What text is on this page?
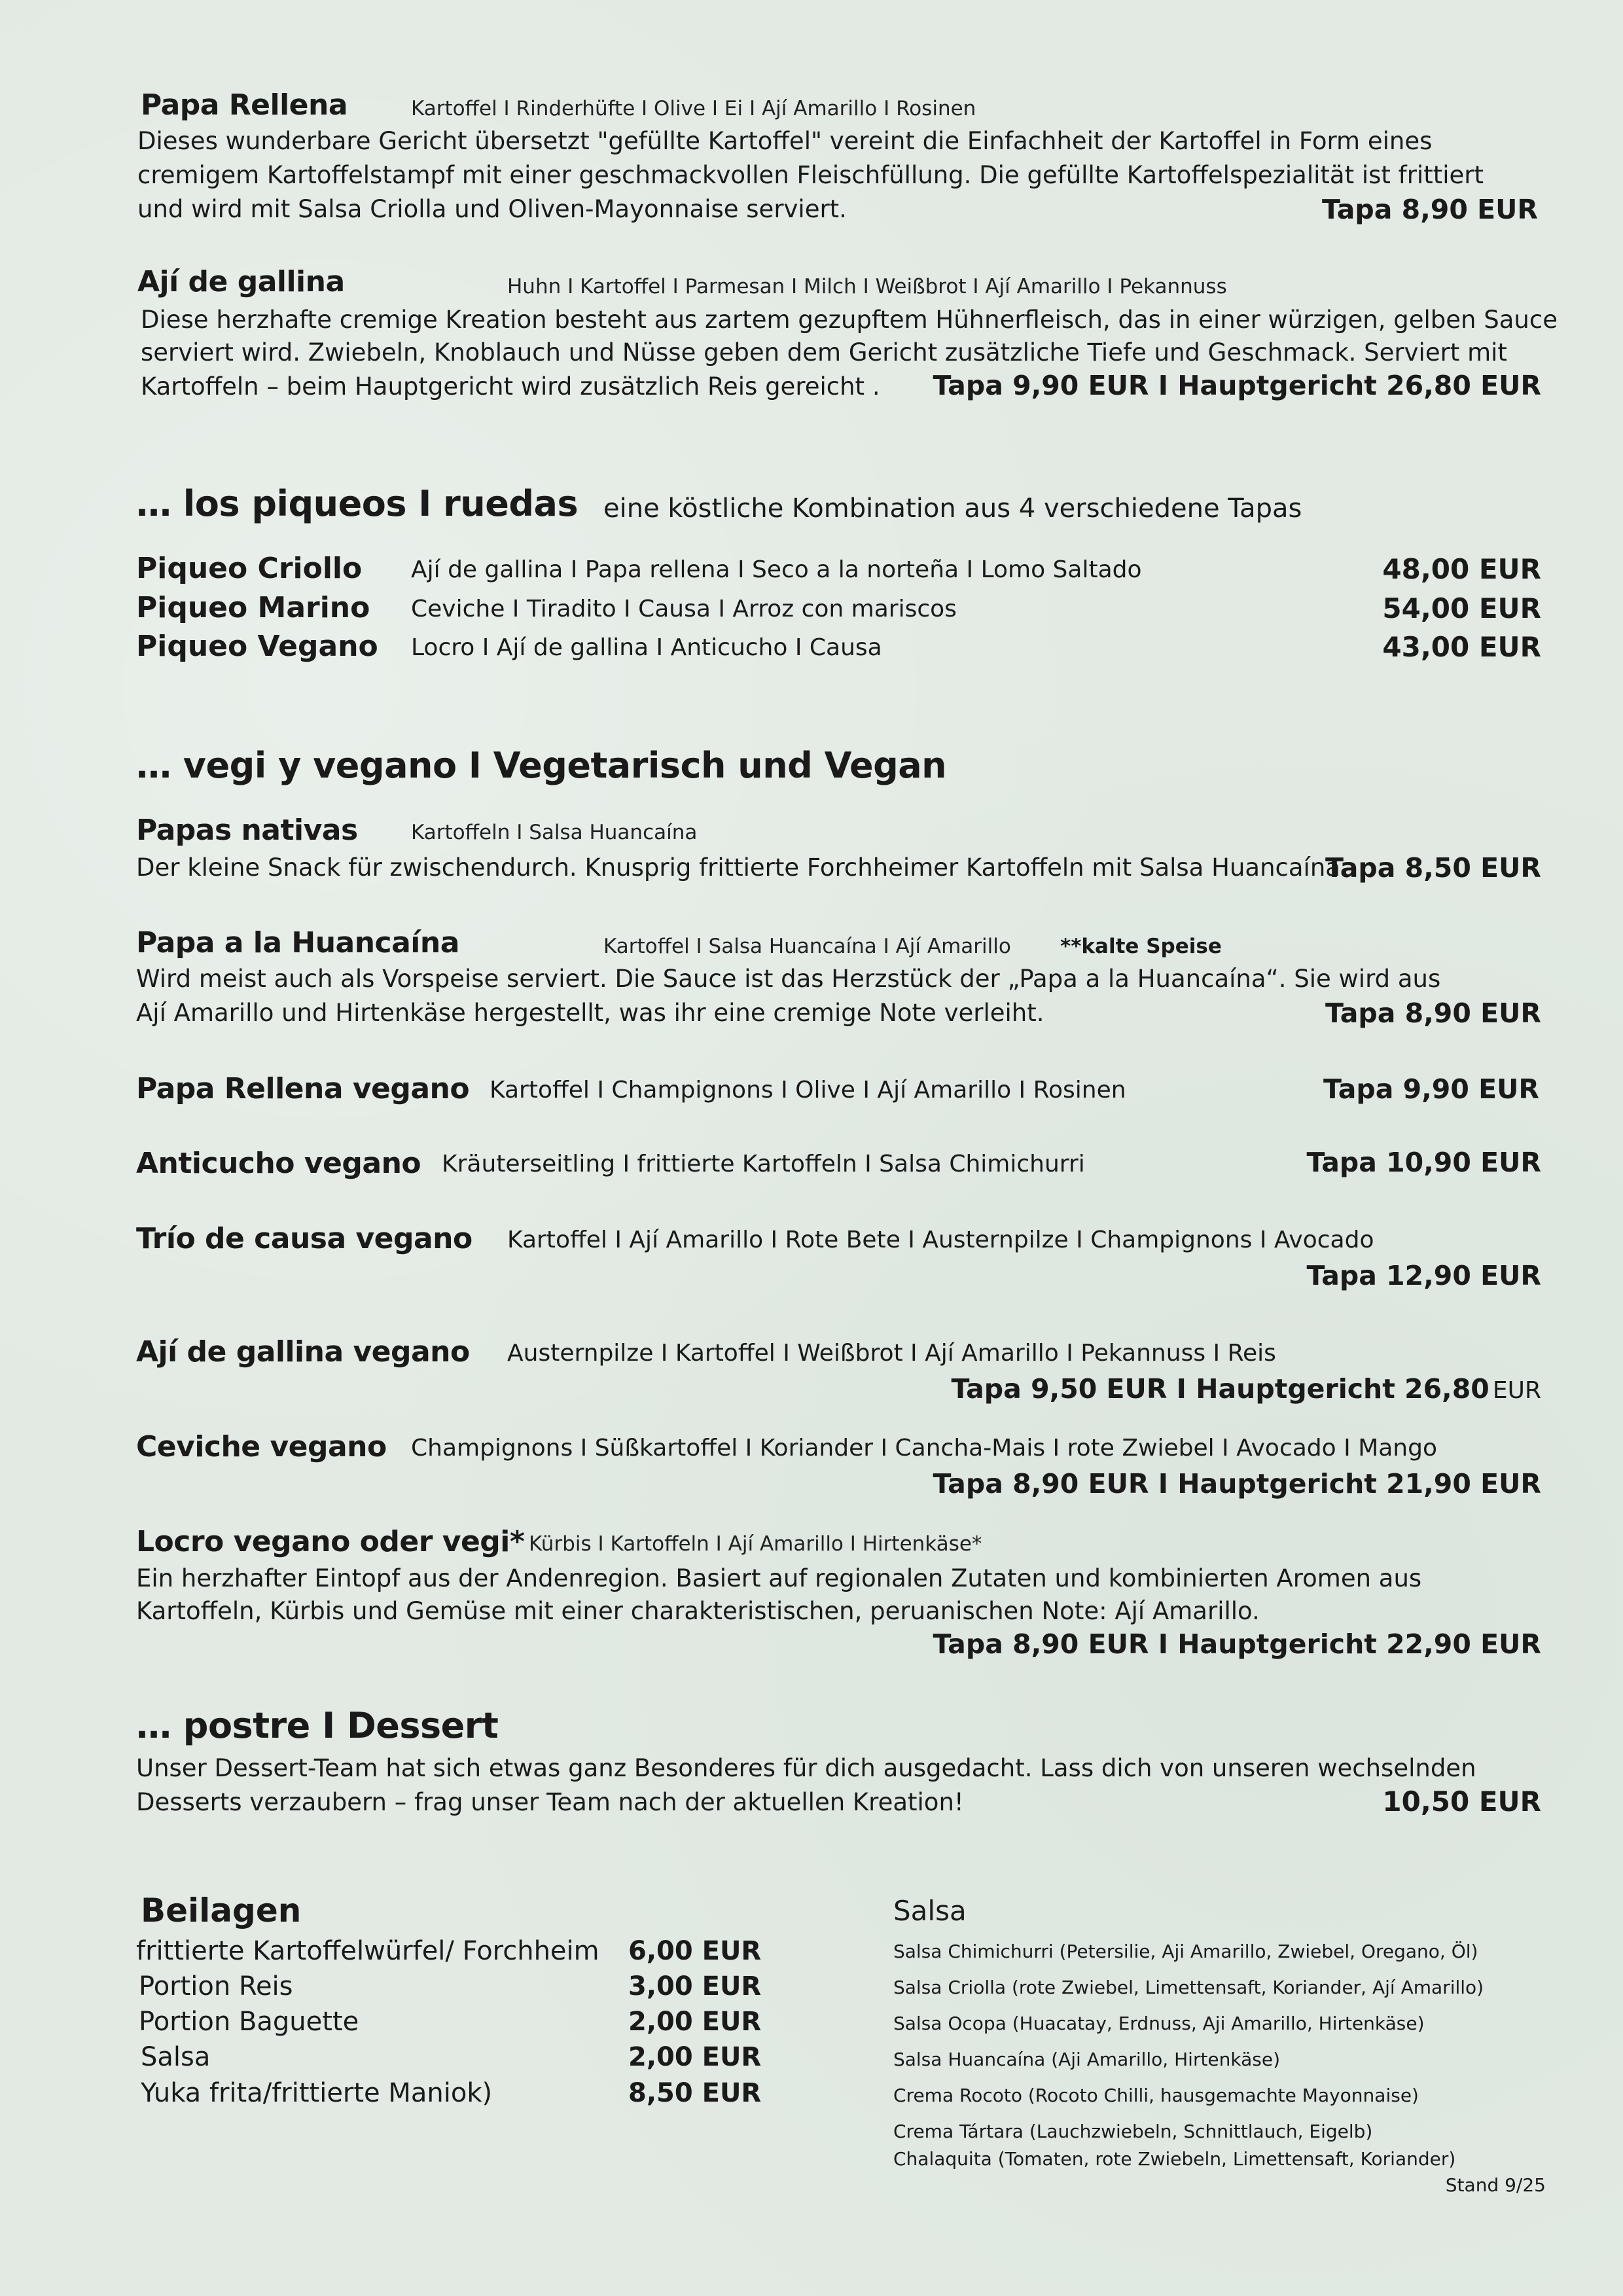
Papa Rellena	Kartoffel I Rinderhüfte I Olive I Ei I Ají Amarillo I Rosinen
Dieses wunderbare Gericht übersetzt "gefüllte Kartoffel" vereint die Einfachheit der Kartoffel in Form eines
cremigem Kartoffelstampf mit einer geschmackvollen Fleischfüllung. Die gefüllte Kartoffelspezialität ist frittiert
und wird mit Salsa Criolla und Oliven-Mayonnaise serviert.	Tapa 8,90 EUR
Ají de gallina	Huhn I Kartoffel I Parmesan I Milch I Weißbrot I Ají Amarillo I Pekannuss
Diese herzhafte cremige Kreation besteht aus zartem gezupftem Hühnerfleisch, das in einer würzigen, gelben Sauce
serviert wird. Zwiebeln, Knoblauch und Nüsse geben dem Gericht zusätzliche Tiefe und Geschmack. Serviert mit
Kartoffeln – beim Hauptgericht wird zusätzlich Reis gereicht . Tapa 9,90 EUR I Hauptgericht 26,80 EUR
… los piqueos I ruedas eine köstliche Kombination aus 4 verschiedene Tapas
Piqueo Criollo Ají de gallina I Papa rellena I Seco a la norteña I Lomo Saltado	48,00 EUR
Piqueo Marino Ceviche I Tiradito I Causa I Arroz con mariscos	54,00 EUR
Piqueo Vegano Locro I Ají de gallina I Anticucho I Causa	43,00 EUR
… vegi y vegano I Vegetarisch und Vegan
Papas nativas	Kartoffeln I Salsa Huancaína
Der kleine Snack für zwischendurch. Knusprig frittierte Forchheimer Kartoffeln mit Salsa Huancaína.
Tapa 8,50 EUR
Papa a la Huancaína	Kartoffel I Salsa Huancaína I Ají Amarillo **kalte Speise
Wird meist auch als Vorspeise serviert. Die Sauce ist das Herzstück der „Papa a la Huancaína“. Sie wird aus
Ají Amarillo und Hirtenkäse hergestellt, was ihr eine cremige Note verleiht.	Tapa 8,90 EUR
Papa Rellena vegano Kartoffel I Champignons I Olive I Ají Amarillo I Rosinen	Tapa 9,90 EUR
Anticucho vegano Kräuterseitling I frittierte Kartoffeln I Salsa Chimichurri	Tapa 10,90 EUR
Trío de causa vegano Kartoffel I Ají Amarillo I Rote Bete I Austernpilze I Champignons I Avocado
Tapa 12,90 EUR
Ají de gallina vegano Austernpilze I Kartoffel I Weißbrot I Ají Amarillo I Pekannuss I Reis
Tapa 9,50 EUR I Hauptgericht 26,80 EUR
Ceviche vegano Champignons I Süßkartoffel I Koriander I Cancha-Mais I rote Zwiebel I Avocado I Mango
Tapa 8,90 EUR I Hauptgericht 21,90 EUR
Locro vegano oder vegi* Kürbis I Kartoffeln I Ají Amarillo I Hirtenkäse*
Ein herzhafter Eintopf aus der Andenregion. Basiert auf regionalen Zutaten und kombinierten Aromen aus
Kartoffeln, Kürbis und Gemüse mit einer charakteristischen, peruanischen Note: Ají Amarillo.
Tapa 8,90 EUR I Hauptgericht 22,90 EUR
… postre I Dessert
Unser Dessert-Team hat sich etwas ganz Besonderes für dich ausgedacht. Lass dich von unseren wechselnden
Desserts verzaubern – frag unser Team nach der aktuellen Kreation!	10,50 EUR
Beilagen
frittierte Kartoffelwürfel/ Forchheim 6,00 EUR
Portion Reis	3,00 EUR
Portion Baguette	2,00 EUR
Salsa	2,00 EUR
Yuka frita/frittierte Maniok)	8,50 EUR
Salsa
Salsa Chimichurri (Petersilie, Aji Amarillo, Zwiebel, Oregano, Öl)
Salsa Criolla (rote Zwiebel, Limettensaft, Koriander, Ají Amarillo)
Salsa Ocopa (Huacatay, Erdnuss, Aji Amarillo, Hirtenkäse)
Salsa Huancaína (Aji Amarillo, Hirtenkäse)
Crema Rocoto (Rocoto Chilli, hausgemachte Mayonnaise)
Crema Tártara (Lauchzwiebeln, Schnittlauch, Eigelb)
Chalaquita (Tomaten, rote Zwiebeln, Limettensaft, Koriander)
Stand 9/25
